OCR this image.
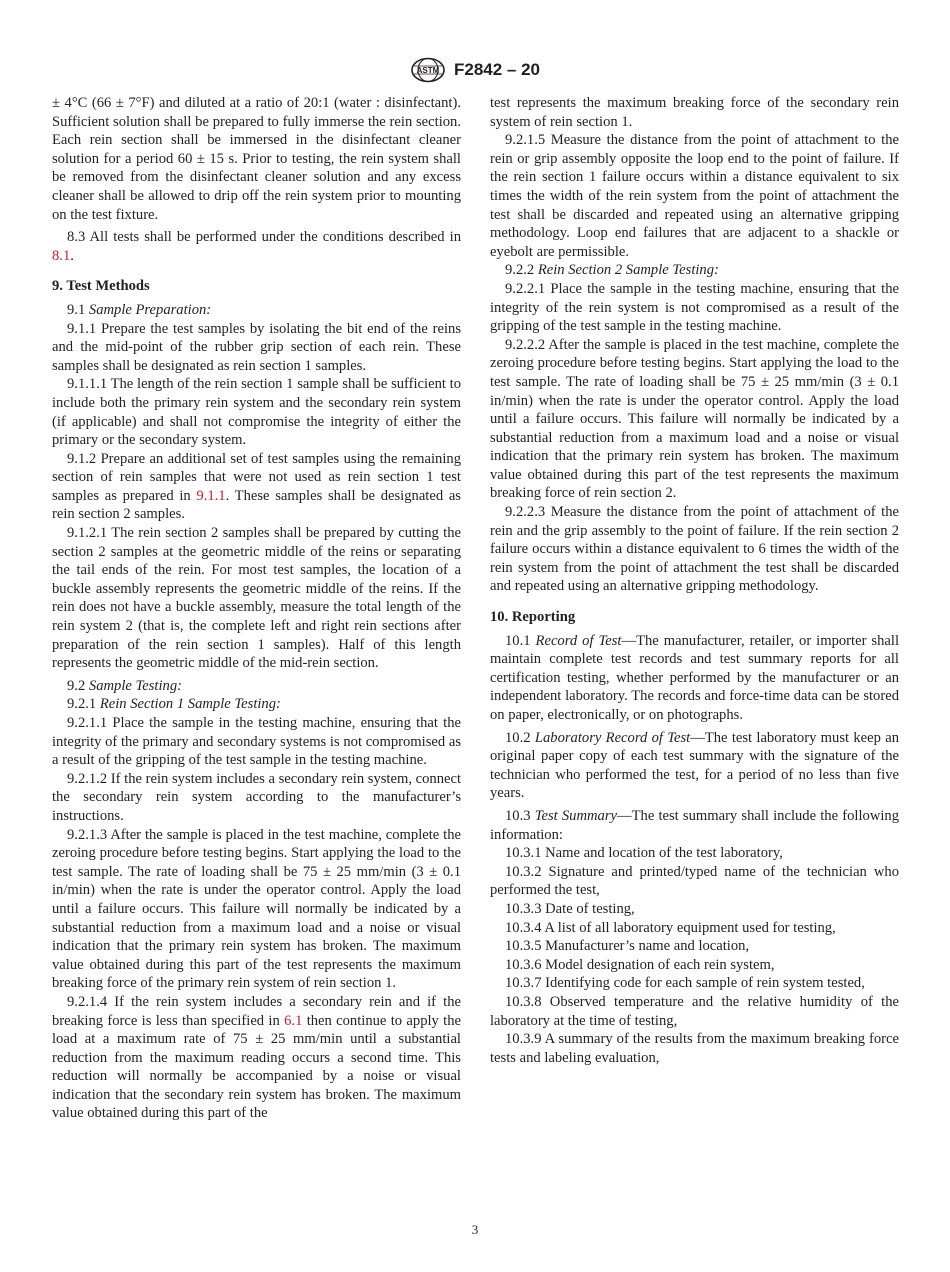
ASTM F2842 – 20

± 4°C (66 ± 7°F) and diluted at a ratio of 20:1 (water : disinfectant). Sufficient solution shall be prepared to fully immerse the rein section. Each rein section shall be immersed in the disinfectant cleaner solution for a period 60 ± 15 s. Prior to testing, the rein system shall be removed from the disinfectant cleaner solution and any excess cleaner shall be allowed to drip off the rein system prior to mounting on the test fixture.

8.3 All tests shall be performed under the conditions described in 8.1.

9. Test Methods

9.1 Sample Preparation:

9.1.1 Prepare the test samples by isolating the bit end of the reins and the mid-point of the rubber grip section of each rein. These samples shall be designated as rein section 1 samples.

9.1.1.1 The length of the rein section 1 sample shall be sufficient to include both the primary rein system and the secondary rein system (if applicable) and shall not compromise the integrity of either the primary or the secondary system.

9.1.2 Prepare an additional set of test samples using the remaining section of rein samples that were not used as rein section 1 test samples as prepared in 9.1.1. These samples shall be designated as rein section 2 samples.

9.1.2.1 The rein section 2 samples shall be prepared by cutting the section 2 samples at the geometric middle of the reins or separating the tail ends of the rein. For most test samples, the location of a buckle assembly represents the geometric middle of the reins. If the rein does not have a buckle assembly, measure the total length of the rein system 2 (that is, the complete left and right rein sections after preparation of the rein section 1 samples). Half of this length represents the geometric middle of the mid-rein section.

9.2 Sample Testing:

9.2.1 Rein Section 1 Sample Testing:

9.2.1.1 Place the sample in the testing machine, ensuring that the integrity of the primary and secondary systems is not compromised as a result of the gripping of the test sample in the testing machine.

9.2.1.2 If the rein system includes a secondary rein system, connect the secondary rein system according to the manufacturer’s instructions.

9.2.1.3 After the sample is placed in the test machine, complete the zeroing procedure before testing begins. Start applying the load to the test sample. The rate of loading shall be 75 ± 25 mm/min (3 ± 0.1 in/min) when the rate is under the operator control. Apply the load until a failure occurs. This failure will normally be indicated by a substantial reduction from a maximum load and a noise or visual indication that the primary rein system has broken. The maximum value obtained during this part of the test represents the maximum breaking force of the primary rein system of rein section 1.

9.2.1.4 If the rein system includes a secondary rein and if the breaking force is less than specified in 6.1 then continue to apply the load at a maximum rate of 75 ± 25 mm/min until a substantial reduction from the maximum reading occurs a second time. This reduction will normally be accompanied by a noise or visual indication that the secondary rein system has broken. The maximum value obtained during this part of the

test represents the maximum breaking force of the secondary rein system of rein section 1.

9.2.1.5 Measure the distance from the point of attachment to the rein or grip assembly opposite the loop end to the point of failure. If the rein section 1 failure occurs within a distance equivalent to six times the width of the rein system from the point of attachment the test shall be discarded and repeated using an alternative gripping methodology. Loop end failures that are adjacent to a shackle or eyebolt are permissible.

9.2.2 Rein Section 2 Sample Testing:

9.2.2.1 Place the sample in the testing machine, ensuring that the integrity of the rein system is not compromised as a result of the gripping of the test sample in the testing machine.

9.2.2.2 After the sample is placed in the test machine, complete the zeroing procedure before testing begins. Start applying the load to the test sample. The rate of loading shall be 75 ± 25 mm/min (3 ± 0.1 in/min) when the rate is under the operator control. Apply the load until a failure occurs. This failure will normally be indicated by a substantial reduction from a maximum load and a noise or visual indication that the primary rein system has broken. The maximum value obtained during this part of the test represents the maximum breaking force of rein section 2.

9.2.2.3 Measure the distance from the point of attachment of the rein and the grip assembly to the point of failure. If the rein section 2 failure occurs within a distance equivalent to 6 times the width of the rein system from the point of attachment the test shall be discarded and repeated using an alternative gripping methodology.

10. Reporting

10.1 Record of Test—The manufacturer, retailer, or importer shall maintain complete test records and test summary reports for all certification testing, whether performed by the manufacturer or an independent laboratory. The records and force-time data can be stored on paper, electronically, or on photographs.

10.2 Laboratory Record of Test—The test laboratory must keep an original paper copy of each test summary with the signature of the technician who performed the test, for a period of no less than five years.

10.3 Test Summary—The test summary shall include the following information:

10.3.1 Name and location of the test laboratory,

10.3.2 Signature and printed/typed name of the technician who performed the test,

10.3.3 Date of testing,

10.3.4 A list of all laboratory equipment used for testing,

10.3.5 Manufacturer’s name and location,

10.3.6 Model designation of each rein system,

10.3.7 Identifying code for each sample of rein system tested,

10.3.8 Observed temperature and the relative humidity of the laboratory at the time of testing,

10.3.9 A summary of the results from the maximum breaking force tests and labeling evaluation,

3
